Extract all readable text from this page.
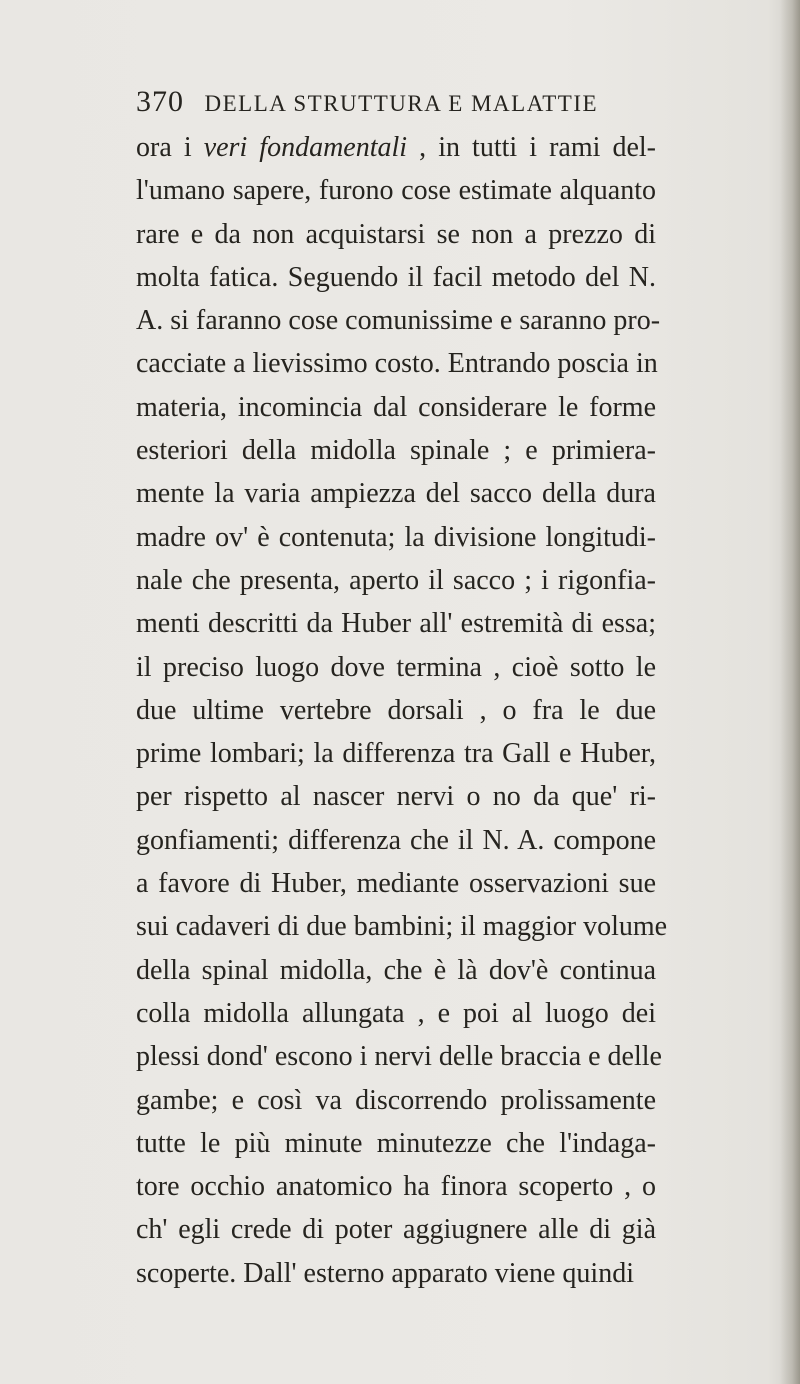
370 DELLA STRUTTURA E MALATTIE
ora i veri fondamentali , in tutti i rami del-
l'umano sapere, furono cose estimate alquanto
rare e da non acquistarsi se non a prezzo di
molta fatica. Seguendo il facil metodo del N.
A. si faranno cose comunissime e saranno pro-
cacciate a lievissimo costo. Entrando poscia in
materia, incomincia dal considerare le forme
esteriori della midolla spinale ; e primiera-
mente la varia ampiezza del sacco della dura
madre ov' è contenuta; la divisione longitudi-
nale che presenta, aperto il sacco ; i rigonfia-
menti descritti da Huber all' estremità di essa;
il preciso luogo dove termina , cioè sotto le
due ultime vertebre dorsali , o fra le due
prime lombari; la differenza tra Gall e Huber,
per rispetto al nascer nervi o no da que' ri-
gonfiamenti; differenza che il N. A. compone
a favore di Huber, mediante osservazioni sue
sui cadaveri di due bambini; il maggior volume
della spinal midolla, che è là dov'è continua
colla midolla allungata , e poi al luogo dei
plessi dond' escono i nervi delle braccia e delle
gambe; e così va discorrendo prolissamente
tutte le più minute minutezze che l'indaga-
tore occhio anatomico ha finora scoperto , o
ch' egli crede di poter aggiugnere alle di già
scoperte. Dall' esterno apparato viene quindi
